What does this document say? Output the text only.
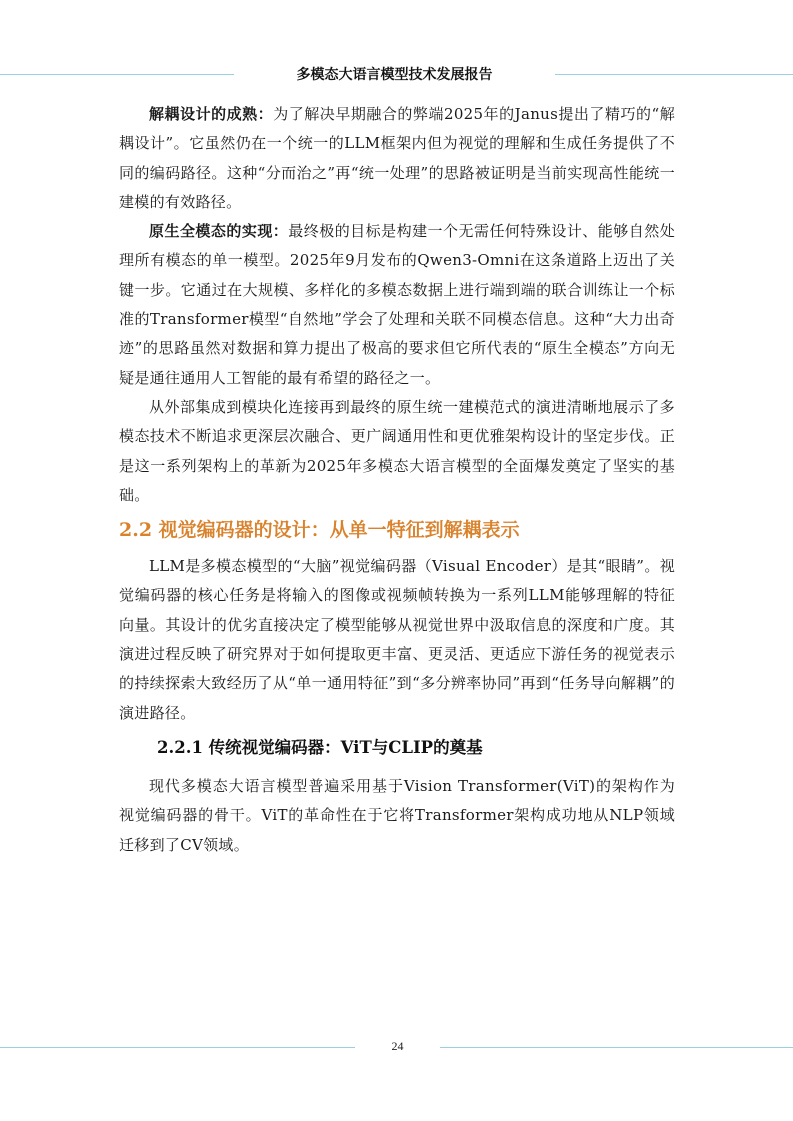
多模态大语言模型技术发展报告

解耦设计的成熟：为了解决早期融合的弊端2025年的Janus提出了精巧的“解耦设计”。它虽然仍在一个统一的LLM框架内但为视觉的理解和生成任务提供了不同的编码路径。这种“分而治之”再“统一处理”的思路被证明是当前实现高性能统一建模的有效路径。

原生全模态的实现：最终极的目标是构建一个无需任何特殊设计、能够自然处理所有模态的单一模型。2025年9月发布的Qwen3-Omni在这条道路上迈出了关键一步。它通过在大规模、多样化的多模态数据上进行端到端的联合训练让一个标准的Transformer模型“自然地”学会了处理和关联不同模态信息。这种“大力出奇迹”的思路虽然对数据和算力提出了极高的要求但它所代表的“原生全模态”方向无疑是通往通用人工智能的最有希望的路径之一。

从外部集成到模块化连接再到最终的原生统一建模范式的演进清晰地展示了多模态技术不断追求更深层次融合、更广阔通用性和更优雅架构设计的坚定步伐。正是这一系列架构上的革新为2025年多模态大语言模型的全面爆发奠定了坚实的基础。

2.2 视觉编码器的设计：从单一特征到解耦表示

LLM是多模态模型的“大脑”视觉编码器（Visual Encoder）是其“眼睛”。视觉编码器的核心任务是将输入的图像或视频帧转换为一系列LLM能够理解的特征向量。其设计的优劣直接决定了模型能够从视觉世界中汲取信息的深度和广度。其演进过程反映了研究界对于如何提取更丰富、更灵活、更适应下游任务的视觉表示的持续探索大致经历了从“单一通用特征”到“多分辨率协同”再到“任务导向解耦”的演进路径。

2.2.1 传统视觉编码器：ViT与CLIP的奠基

现代多模态大语言模型普遍采用基于Vision Transformer(ViT)的架构作为视觉编码器的骨干。ViT的革命性在于它将Transformer架构成功地从NLP领域迁移到了CV领域。

24
